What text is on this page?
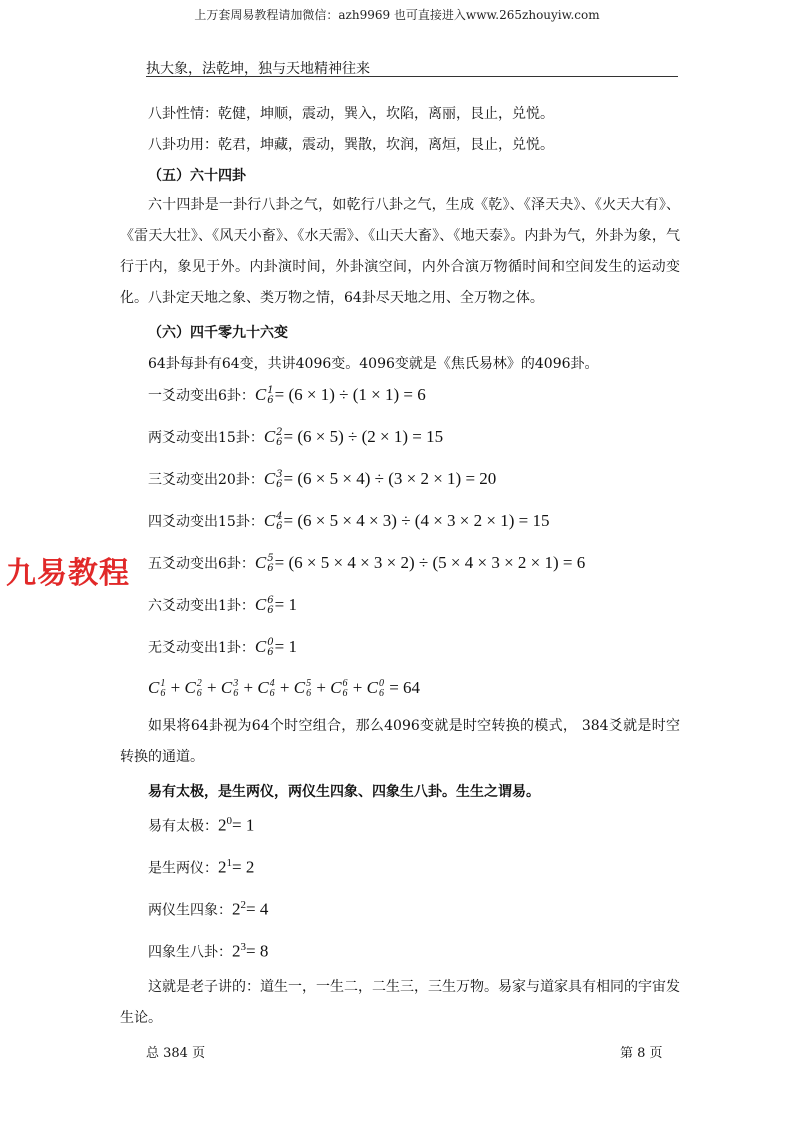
上万套周易教程请加微信：azh9969 也可直接进入www.265zhouyiw.com
执大象，法乾坤，独与天地精神往来
八卦性情：乾健，坤顺，震动，巽入，坎陷，离丽，艮止，兑悦。
八卦功用：乾君，坤藏，震动，巽散，坎润，离烜，艮止，兑悦。
（五）六十四卦
六十四卦是一卦行八卦之气，如乾行八卦之气，生成《乾》、《泽天夬》、《火天大有》、《雷天大壮》、《风天小畜》、《水天需》、《山天大畜》、《地天泰》。内卦为气，外卦为象，气行于内，象见于外。内卦演时间，外卦演空间，内外合演万物循时间和空间发生的运动变化。八卦定天地之象、类万物之情，64卦尽天地之用、全万物之体。
（六）四千零九十六变
64卦每卦有64变，共讲4096变。4096变就是《焦氏易林》的4096卦。
一爻动变出6卦：C 1
6 = (6 × 1) ÷ (1 × 1) = 6
两爻动变出15卦：C 2
6 = (6 × 5) ÷ (2 × 1) = 15
三爻动变出20卦：C 3
6 = (6 × 5 × 4) ÷ (3 × 2 × 1) = 20
四爻动变出15卦：C 4
6 = (6 × 5 × 4 × 3) ÷ (4 × 3 × 2 × 1) = 15
五爻动变出6卦：C 5
6 = (6 × 5 × 4 × 3 × 2) ÷ (5 × 4 × 3 × 2 × 1) = 6
六爻动变出1卦：C 6
6 = 1
无爻动变出1卦：C 0
6 = 1
C 1
6 + C 2
6 + C 3
6 + C 4
6 + C 5
6 + C 6
6 + C 0
6 = 64
如果将64卦视为64个时空组合，那么4096变就是时空转换的模式， 384爻就是时空转换的通道。
易有太极，是生两仪，两仪生四象、四象生八卦。生生之谓易。
易有太极：$2^0= 1$
是生两仪：$2^1= 2$
两仪生四象：$2^2= 4$
四象生八卦：$2^3= 8$
这就是老子讲的：道生一，一生二，二生三，三生万物。易家与道家具有相同的宇宙发生论。
九易教程
总 384 页	第 8 页
